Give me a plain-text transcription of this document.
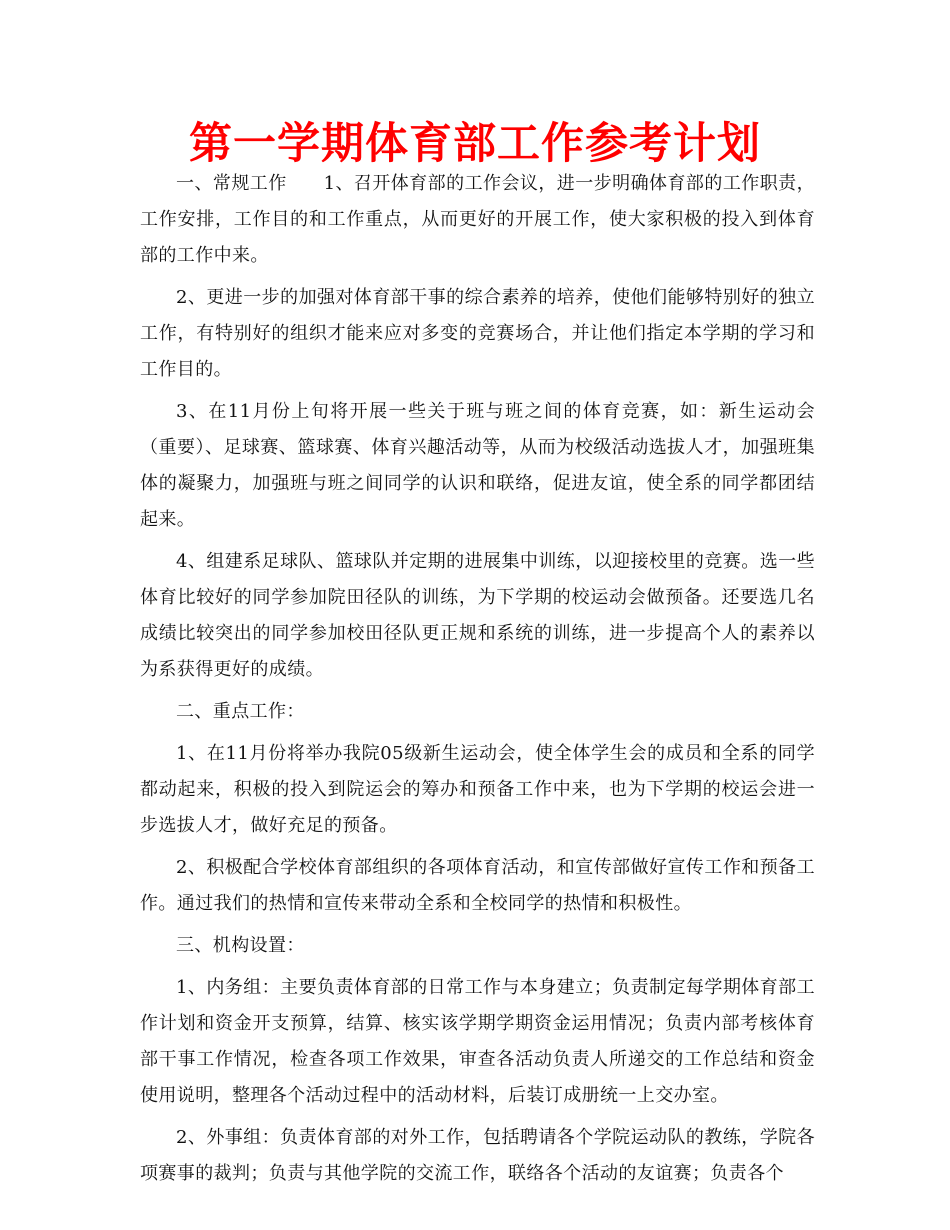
第一学期体育部工作参考计划

一、常规工作　　1、召开体育部的工作会议，进一步明确体育部的工作职责，工作安排，工作目的和工作重点，从而更好的开展工作，使大家积极的投入到体育部的工作中来。

2、更进一步的加强对体育部干事的综合素养的培养，使他们能够特别好的独立工作，有特别好的组织才能来应对多变的竞赛场合，并让他们指定本学期的学习和工作目的。

3、在11月份上旬将开展一些关于班与班之间的体育竞赛，如：新生运动会（重要）、足球赛、篮球赛、体育兴趣活动等，从而为校级活动选拔人才，加强班集体的凝聚力，加强班与班之间同学的认识和联络，促进友谊，使全系的同学都团结起来。

4、组建系足球队、篮球队并定期的进展集中训练，以迎接校里的竞赛。选一些体育比较好的同学参加院田径队的训练，为下学期的校运动会做预备。还要选几名成绩比较突出的同学参加校田径队更正规和系统的训练，进一步提高个人的素养以为系获得更好的成绩。

二、重点工作：

1、在11月份将举办我院05级新生运动会，使全体学生会的成员和全系的同学都动起来，积极的投入到院运会的筹办和预备工作中来，也为下学期的校运会进一步选拔人才，做好充足的预备。

2、积极配合学校体育部组织的各项体育活动，和宣传部做好宣传工作和预备工作。通过我们的热情和宣传来带动全系和全校同学的热情和积极性。

三、机构设置：

1、内务组：主要负责体育部的日常工作与本身建立；负责制定每学期体育部工作计划和资金开支预算，结算、核实该学期学期资金运用情况；负责内部考核体育部干事工作情况，检查各项工作效果，审查各活动负责人所递交的工作总结和资金使用说明，整理各个活动过程中的活动材料，后装订成册统一上交办室。

2、外事组：负责体育部的对外工作，包括聘请各个学院运动队的教练，学院各项赛事的裁判；负责与其他学院的交流工作，联络各个活动的友谊赛；负责各个
